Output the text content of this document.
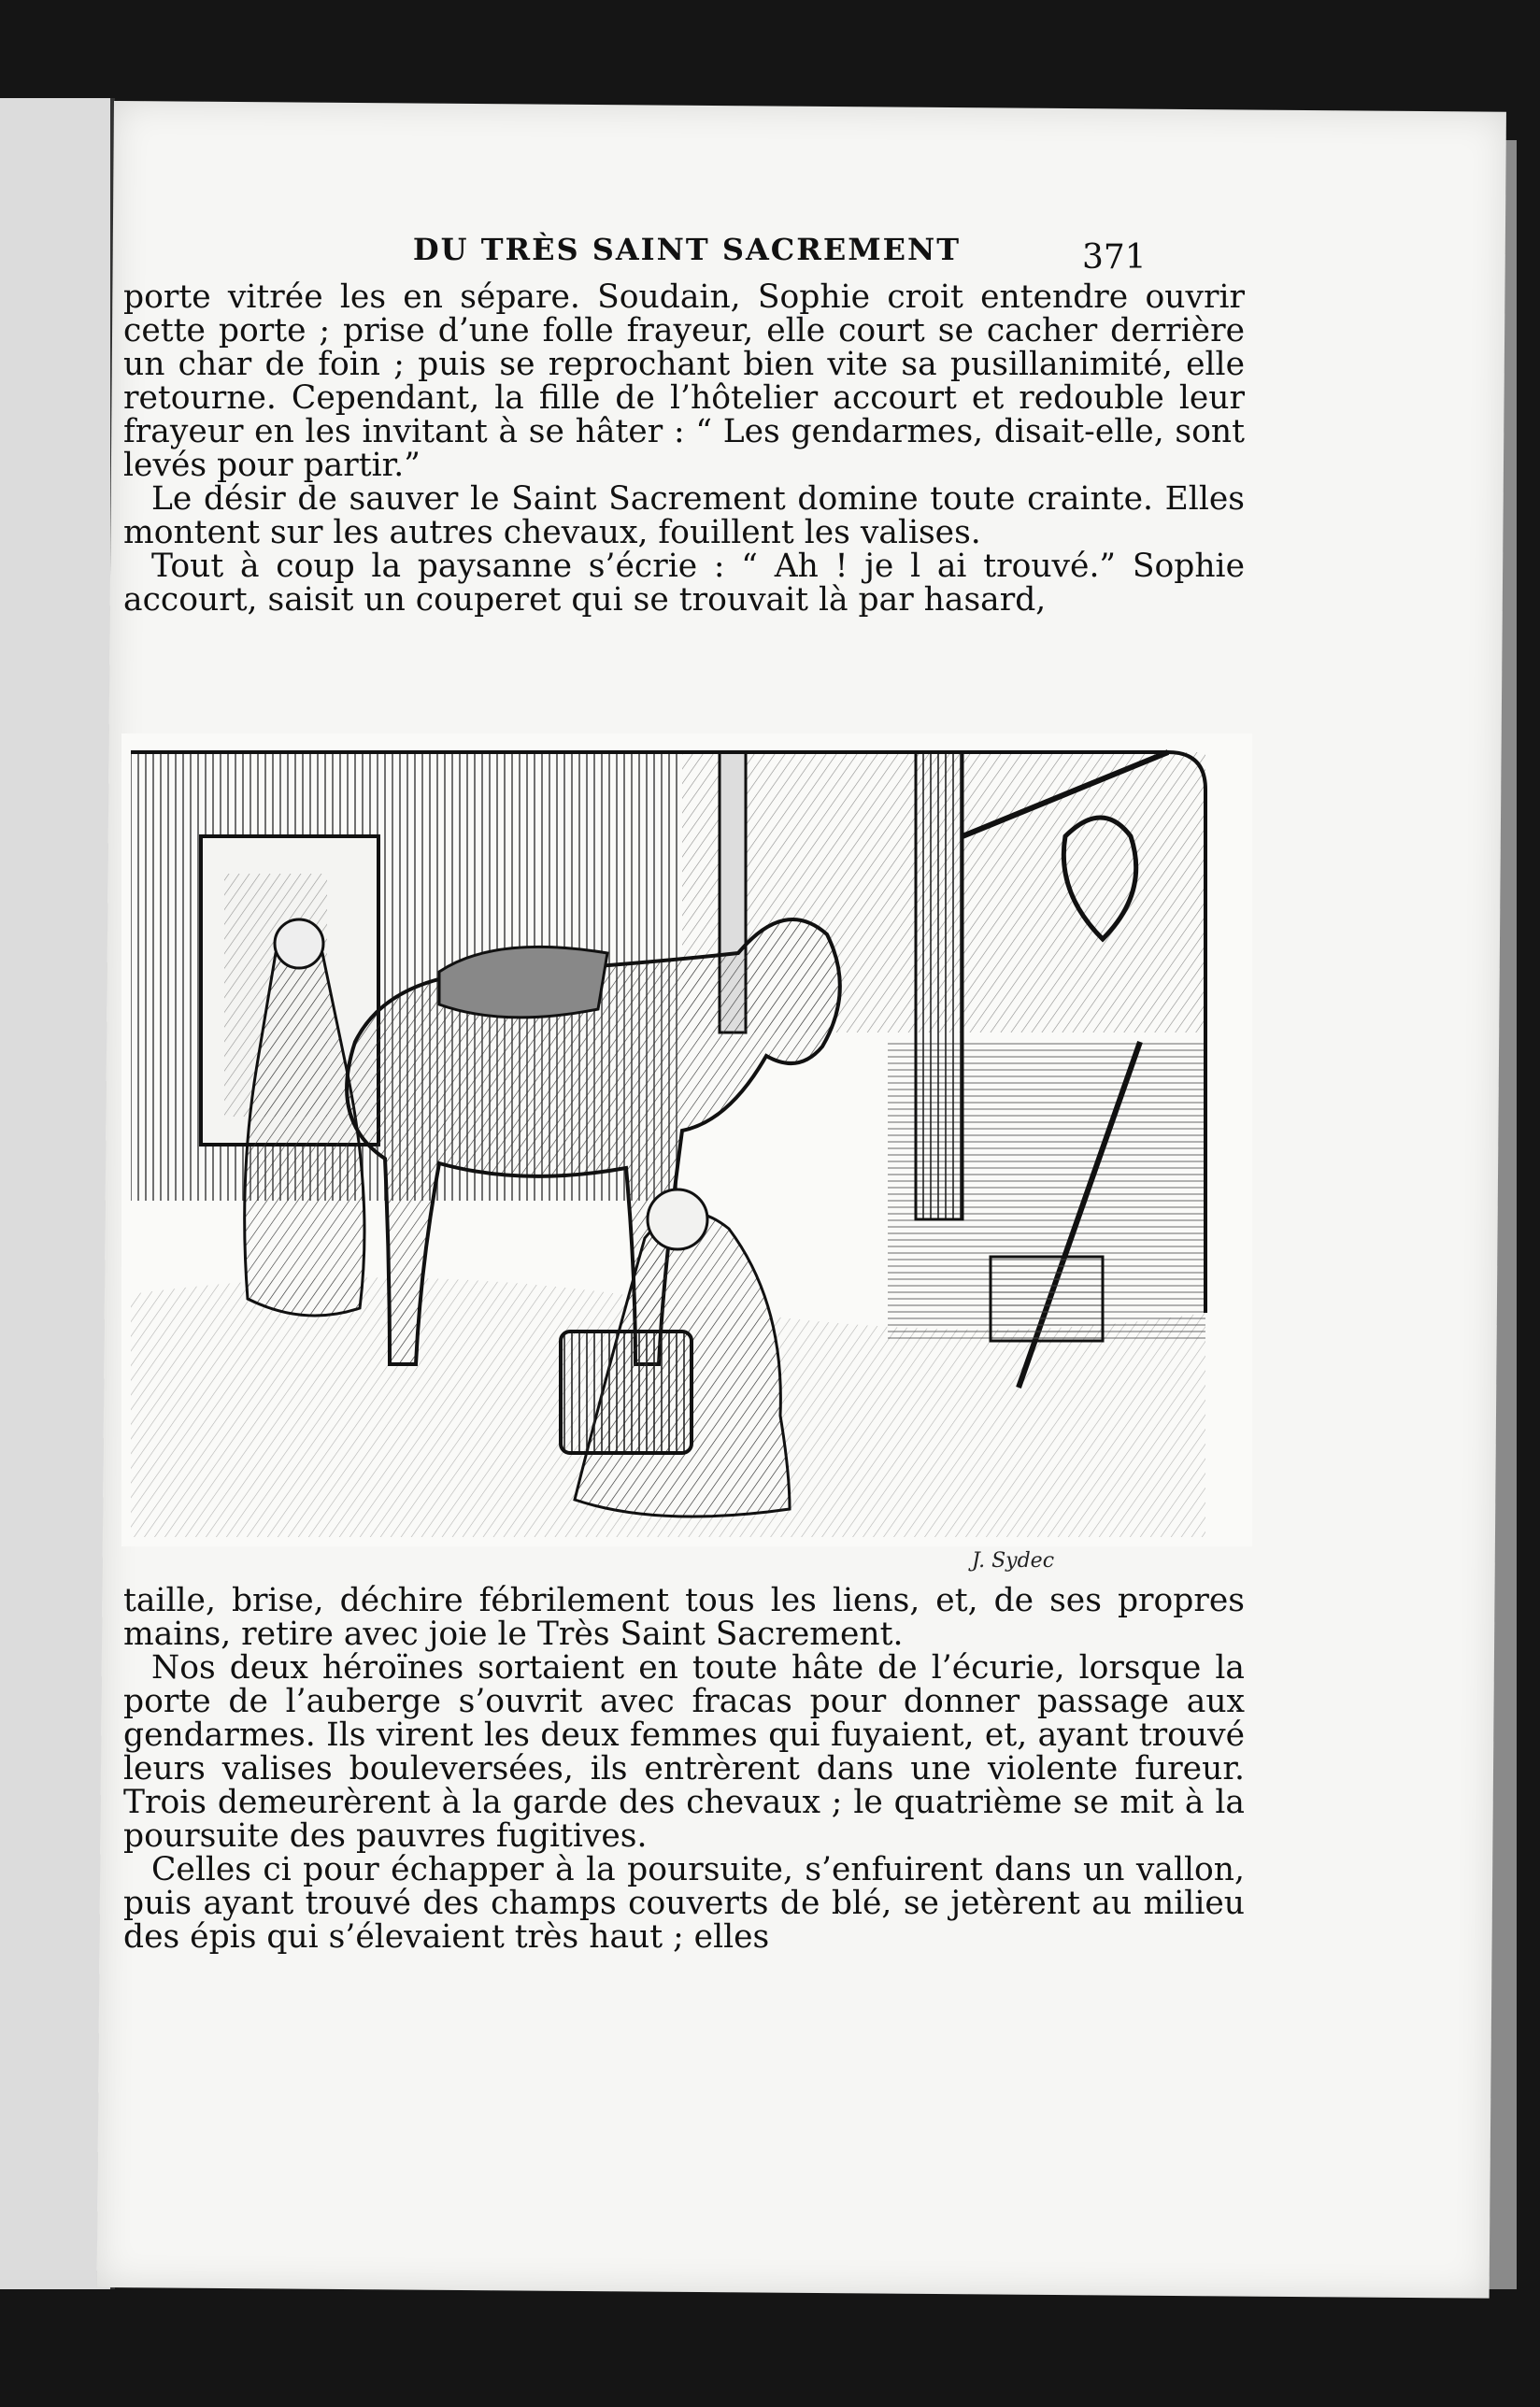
DU TRÈS SAINT SACREMENT	371

porte vitrée les en sépare. Soudain, Sophie croit entendre ouvrir cette porte ; prise d’une folle frayeur, elle court se cacher derrière un char de foin ; puis se reprochant bien vite sa pusillanimité, elle retourne. Cependant, la fille de l’hôtelier accourt et redouble leur frayeur en les invitant à se hâter : “ Les gendarmes, disait-elle, sont levés pour partir.”

Le désir de sauver le Saint Sacrement domine toute crainte. Elles montent sur les autres chevaux, fouillent les valises.

Tout à coup la paysanne s’écrie : “ Ah ! je l ai trouvé.” Sophie accourt, saisit un couperet qui se trouvait là par hasard,

J. Sydec

taille, brise, déchire fébrilement tous les liens, et, de ses propres mains, retire avec joie le Très Saint Sacrement.

Nos deux héroïnes sortaient en toute hâte de l’écurie, lorsque la porte de l’auberge s’ouvrit avec fracas pour donner passage aux gendarmes. Ils virent les deux femmes qui fuyaient, et, ayant trouvé leurs valises bouleversées, ils entrèrent dans une violente fureur. Trois demeurèrent à la garde des chevaux ; le quatrième se mit à la poursuite des pauvres fugitives.

Celles ci pour échapper à la poursuite, s’enfuirent dans un vallon, puis ayant trouvé des champs couverts de blé, se jetèrent au milieu des épis qui s’élevaient très haut ; elles
